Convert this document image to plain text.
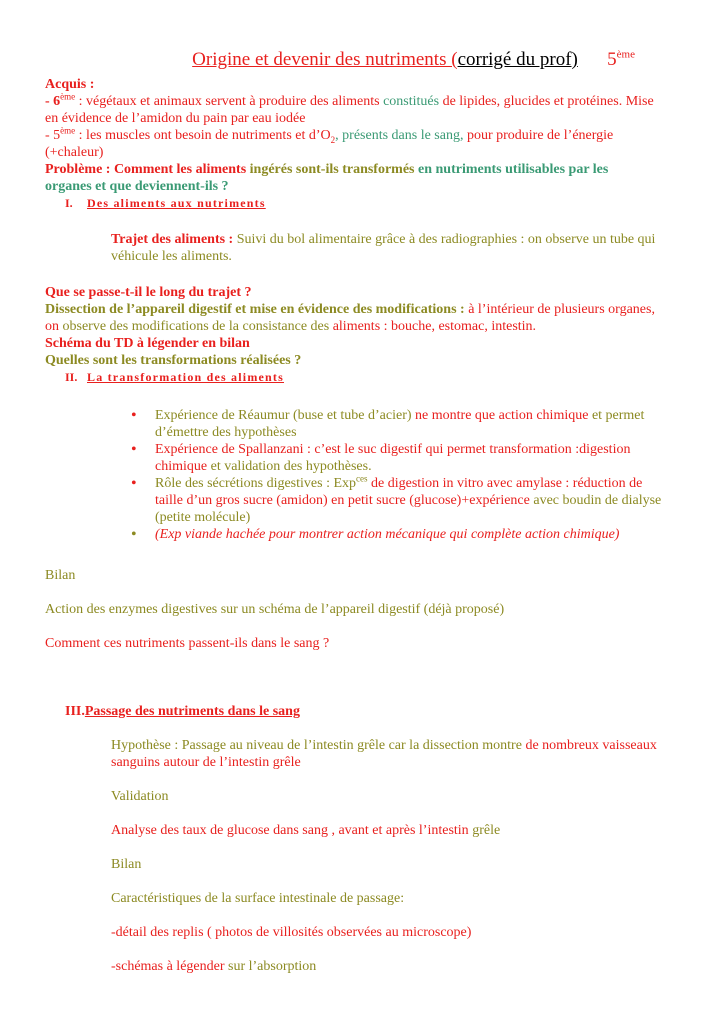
Origine et devenir des nutriments (corrigé du prof) 5ème

Acquis :

- 6ème : végétaux et animaux servent à produire des aliments constitués de lipides, glucides et protéines. Mise

en évidence de l’amidon du pain par eau iodée

- 5ème : les muscles ont besoin de nutriments et $d’O_2$, présents dans le sang, pour produire de l’énergie

(+chaleur)

Problème : Comment les aliments ingérés sont-ils transformés en nutriments utilisables par les

organes et que deviennent-ils ?

I. Des aliments aux nutriments

Trajet des aliments : Suivi du bol alimentaire grâce à des radiographies : on observe un tube qui

véhicule les aliments.

Que se passe-t-il le long du trajet ?

Dissection de l’appareil digestif et mise en évidence des modifications : à l’intérieur de plusieurs organes,

on observe des modifications de la consistance des aliments : bouche, estomac, intestin.

Schéma du TD à légender en bilan

Quelles sont les transformations réalisées ?

II. La transformation des aliments

• Expérience de Réaumur (buse et tube d’acier) ne montre que action chimique et permet
d’émettre des hypothèses
• Expérience de Spallanzani : c’est le suc digestif qui permet transformation :digestion
chimique et validation des hypothèses.
• Rôle des sécrétions digestives : Exp$^{ces}$ de digestion in vitro avec amylase : réduction de
taille d’un gros sucre (amidon) en petit sucre (glucose)+expérience avec boudin de dialyse
(petite molécule)
• (Exp viande hachée pour montrer action mécanique qui complète action chimique)

Bilan

Action des enzymes digestives sur un schéma de l’appareil digestif (déjà proposé)

Comment ces nutriments passent-ils dans le sang ?

III.Passage des nutriments dans le sang

Hypothèse : Passage au niveau de l’intestin grêle car la dissection montre de nombreux vaisseaux

sanguins autour de l’intestin grêle

Validation

Analyse des taux de glucose dans sang , avant et après l’intestin grêle

Bilan

Caractéristiques de la surface intestinale de passage:

-détail des replis ( photos de villosités observées au microscope)

-schémas à légender sur l’absorption
